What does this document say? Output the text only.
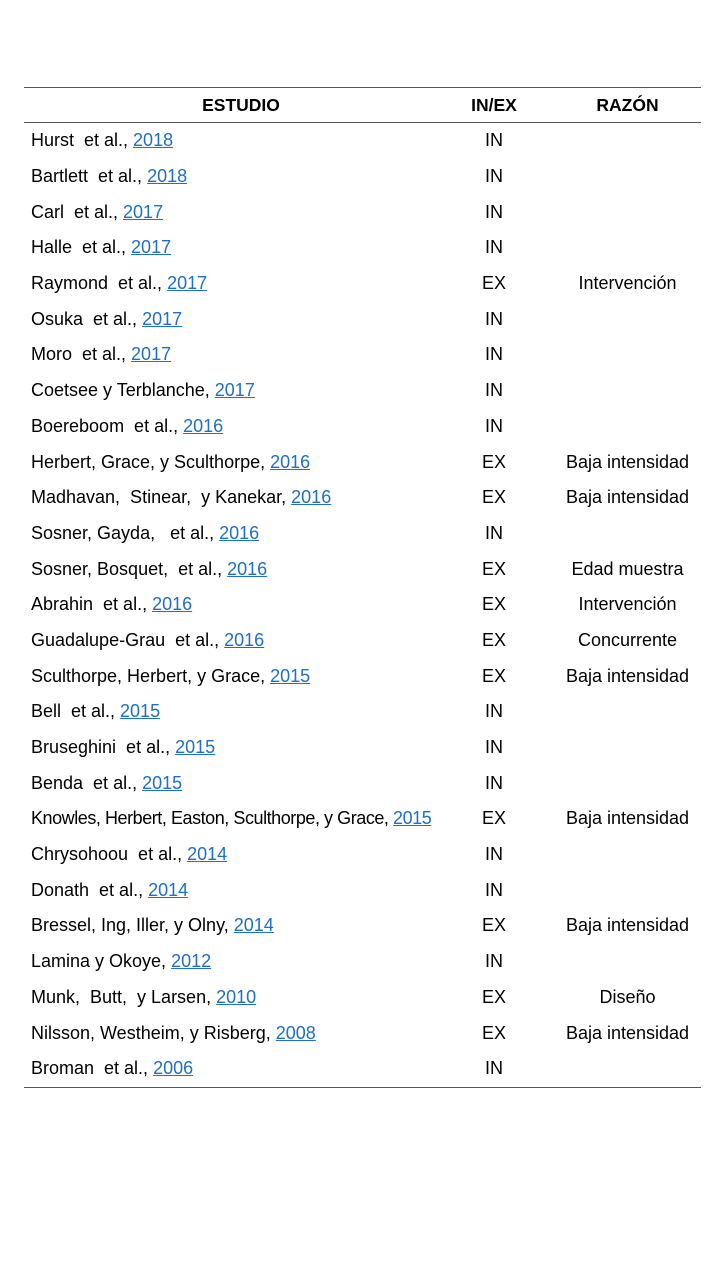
ESTUDIO	IN/EX	RAZÓN
Hurst  et al., 2018	IN	
Bartlett  et al., 2018	IN	
Carl  et al., 2017	IN	
Halle  et al., 2017	IN	
Raymond  et al., 2017	EX	Intervención
Osuka  et al., 2017	IN	
Moro  et al., 2017	IN	
Coetsee y Terblanche, 2017	IN	
Boereboom  et al., 2016	IN	
Herbert, Grace, y Sculthorpe, 2016	EX	Baja intensidad
Madhavan,  Stinear,  y Kanekar, 2016	EX	Baja intensidad
Sosner, Gayda,   et al., 2016	IN	
Sosner, Bosquet,  et al., 2016	EX	Edad muestra
Abrahin  et al., 2016	EX	Intervención
Guadalupe-Grau  et al., 2016	EX	Concurrente
Sculthorpe, Herbert, y Grace, 2015	EX	Baja intensidad
Bell  et al., 2015	IN	
Bruseghini  et al., 2015	IN	
Benda  et al., 2015	IN	
Knowles, Herbert, Easton, Sculthorpe, y Grace, 2015	EX	Baja intensidad
Chrysohoou  et al., 2014	IN	
Donath  et al., 2014	IN	
Bressel, Ing, Iller, y Olny, 2014	EX	Baja intensidad
Lamina y Okoye, 2012	IN	
Munk,  Butt,  y Larsen, 2010	EX	Diseño
Nilsson, Westheim, y Risberg, 2008	EX	Baja intensidad
Broman  et al., 2006	IN	
